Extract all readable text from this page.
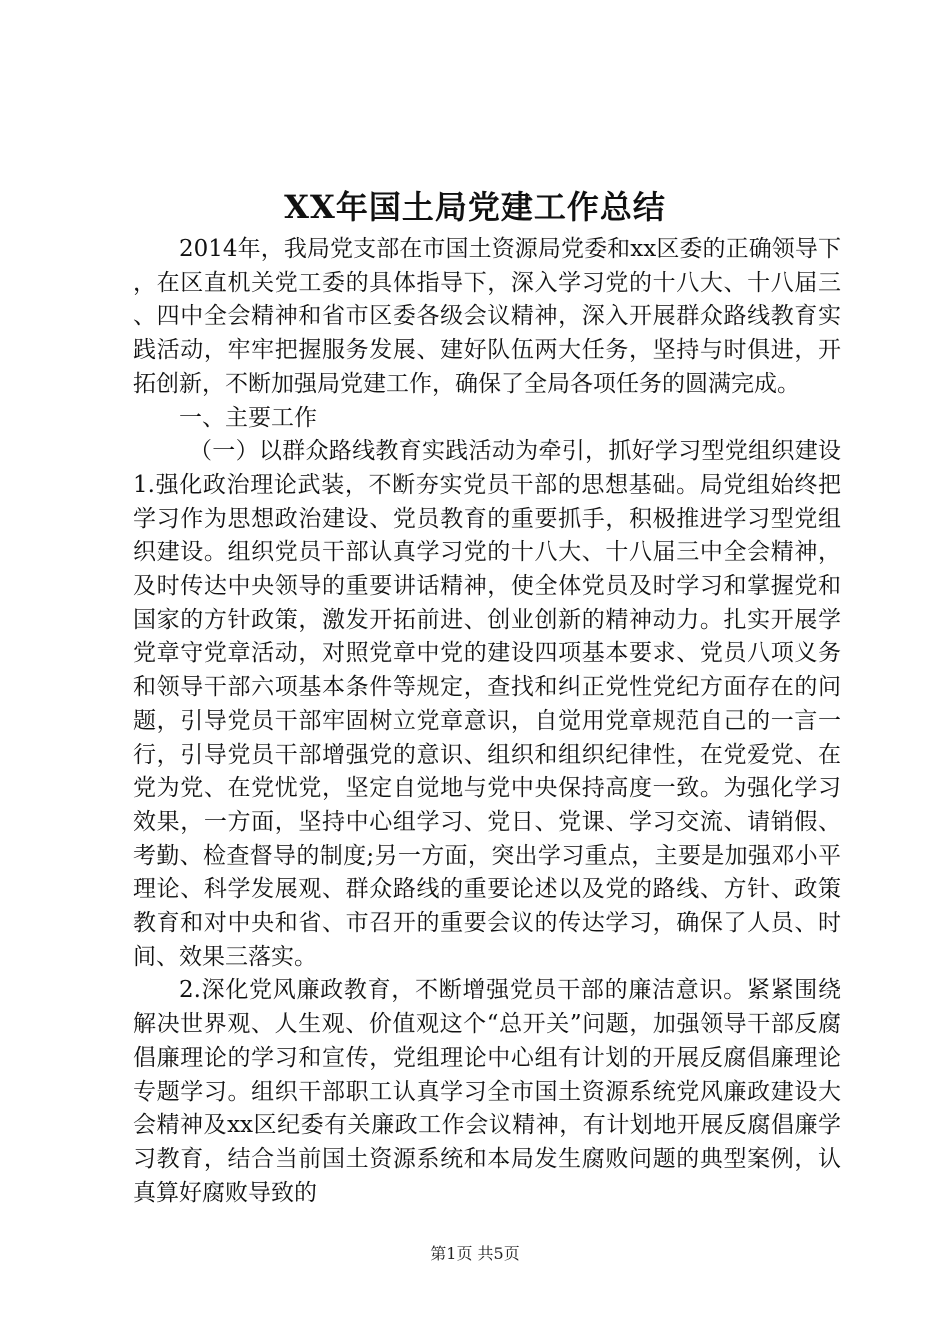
XX年国土局党建工作总结

2014年，我局党支部在市国土资源局党委和xx区委的正确领导下，在区直机关党工委的具体指导下，深入学习党的十八大、十八届三、四中全会精神和省市区委各级会议精神，深入开展群众路线教育实践活动，牢牢把握服务发展、建好队伍两大任务，坚持与时俱进，开拓创新，不断加强局党建工作，确保了全局各项任务的圆满完成。

一、主要工作

（一）以群众路线教育实践活动为牵引，抓好学习型党组织建设1.强化政治理论武装，不断夯实党员干部的思想基础。局党组始终把学习作为思想政治建设、党员教育的重要抓手，积极推进学习型党组织建设。组织党员干部认真学习党的十八大、十八届三中全会精神，及时传达中央领导的重要讲话精神，使全体党员及时学习和掌握党和国家的方针政策，激发开拓前进、创业创新的精神动力。扎实开展学党章守党章活动，对照党章中党的建设四项基本要求、党员八项义务和领导干部六项基本条件等规定，查找和纠正党性党纪方面存在的问题，引导党员干部牢固树立党章意识，自觉用党章规范自己的一言一行，引导党员干部增强党的意识、组织和组织纪律性，在党爱党、在党为党、在党忧党，坚定自觉地与党中央保持高度一致。为强化学习效果，一方面，坚持中心组学习、党日、党课、学习交流、请销假、考勤、检查督导的制度;另一方面，突出学习重点，主要是加强邓小平理论、科学发展观、群众路线的重要论述以及党的路线、方针、政策教育和对中央和省、市召开的重要会议的传达学习，确保了人员、时间、效果三落实。

2.深化党风廉政教育，不断增强党员干部的廉洁意识。紧紧围绕解决世界观、人生观、价值观这个“总开关”问题，加强领导干部反腐倡廉理论的学习和宣传，党组理论中心组有计划的开展反腐倡廉理论专题学习。组织干部职工认真学习全市国土资源系统党风廉政建设大会精神及xx区纪委有关廉政工作会议精神，有计划地开展反腐倡廉学习教育，结合当前国土资源系统和本局发生腐败问题的典型案例，认真算好腐败导致的

第1页 共5页
